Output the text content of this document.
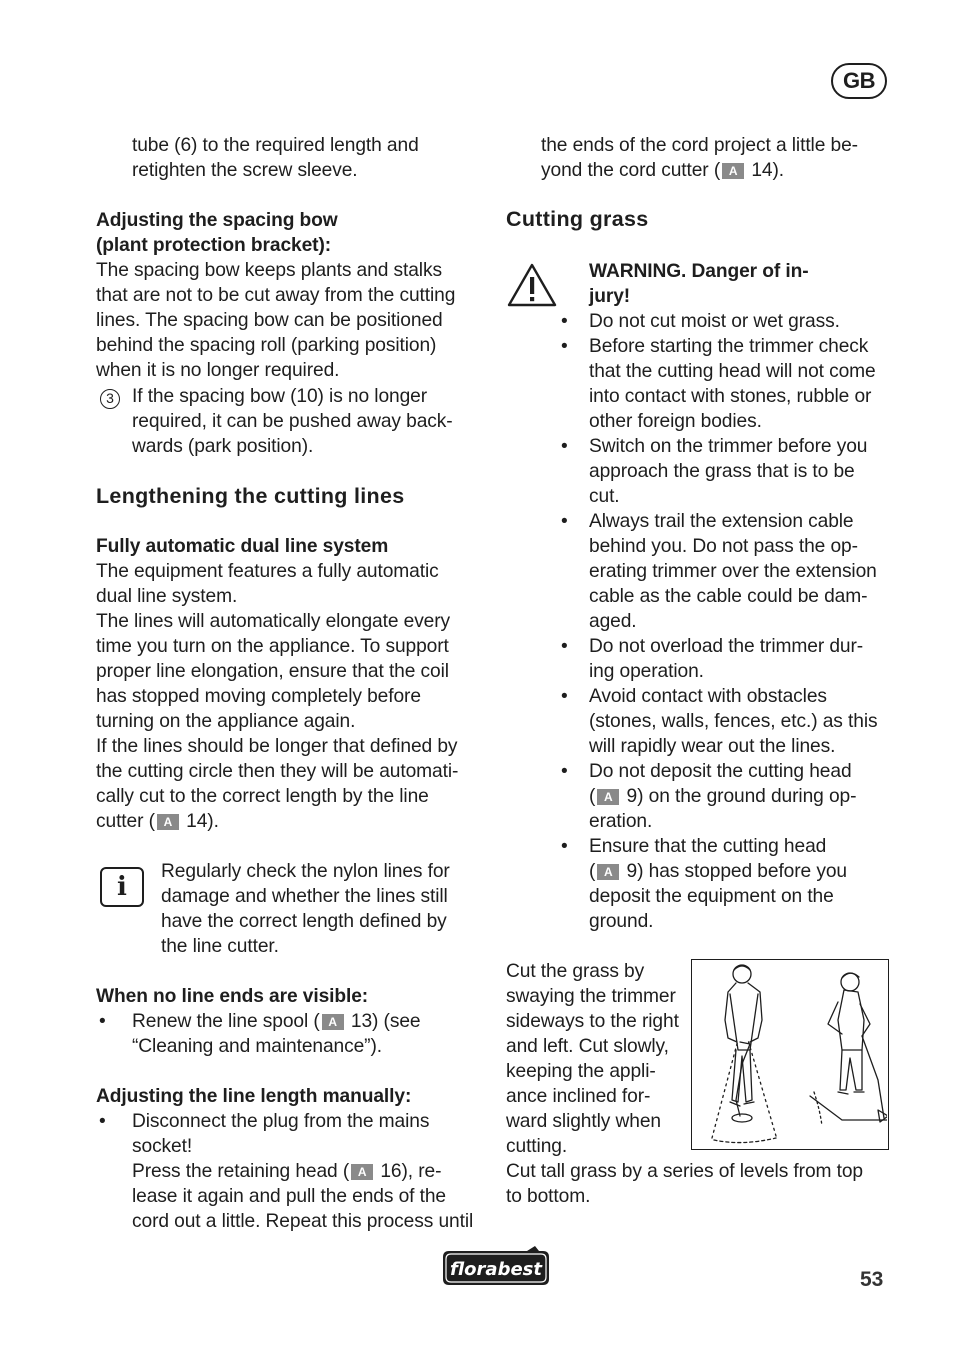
GB
tube (6) to the required length and
retighten the screw sleeve.
Adjusting the spacing bow
(plant protection bracket):
The spacing bow keeps plants and stalks
that are not to be cut away from the cutting
lines. The spacing bow can be positioned
behind the spacing roll (parking position)
when it is no longer required.
3 If the spacing bow (10) is no longer
required, it can be pushed away back-
wards (park position).
Lengthening the cutting lines
Fully automatic dual line system
The equipment features a fully automatic
dual line system.
The lines will automatically elongate every
time you turn on the appliance. To support
proper line elongation, ensure that the coil
has stopped moving completely before
turning on the appliance again.
If the lines should be longer that defined by
the cutting circle then they will be automati-
cally cut to the correct length by the line
cutter ( A 14).
i
Regularly check the nylon lines for
damage and whether the lines still
have the correct length defined by
the line cutter.
When no line ends are visible:
• Renew the line spool ( A 13) (see
“Cleaning and maintenance”).
Adjusting the line length manually:
• Disconnect the plug from the mains
socket!
Press the retaining head ( A 16), re-
lease it again and pull the ends of the
cord out a little. Repeat this process until
the ends of the cord project a little be-
yond the cord cutter ( A 14).
Cutting grass
WARNING. Danger of in-
jury!
• Do not cut moist or wet grass.
• Before starting the trimmer check
that the cutting head will not come
into contact with stones, rubble or
other foreign bodies.
• Switch on the trimmer before you
approach the grass that is to be
cut.
• Always trail the extension cable
behind you. Do not pass the op-
erating trimmer over the extension
cable as the cable could be dam-
aged.
• Do not overload the trimmer dur-
ing operation.
• Avoid contact with obstacles
(stones, walls, fences, etc.) as this
will rapidly wear out the lines.
• Do not deposit the cutting head
( A 9) on the ground during op-
eration.
• Ensure that the cutting head
( A 9) has stopped before you
deposit the equipment on the
ground.
Cut the grass by
swaying the trimmer
sideways to the right
and left. Cut slowly,
keeping the appli-
ance inclined for-
ward slightly when
cutting.
Cut tall grass by a series of levels from top
to bottom.
florabest	53
